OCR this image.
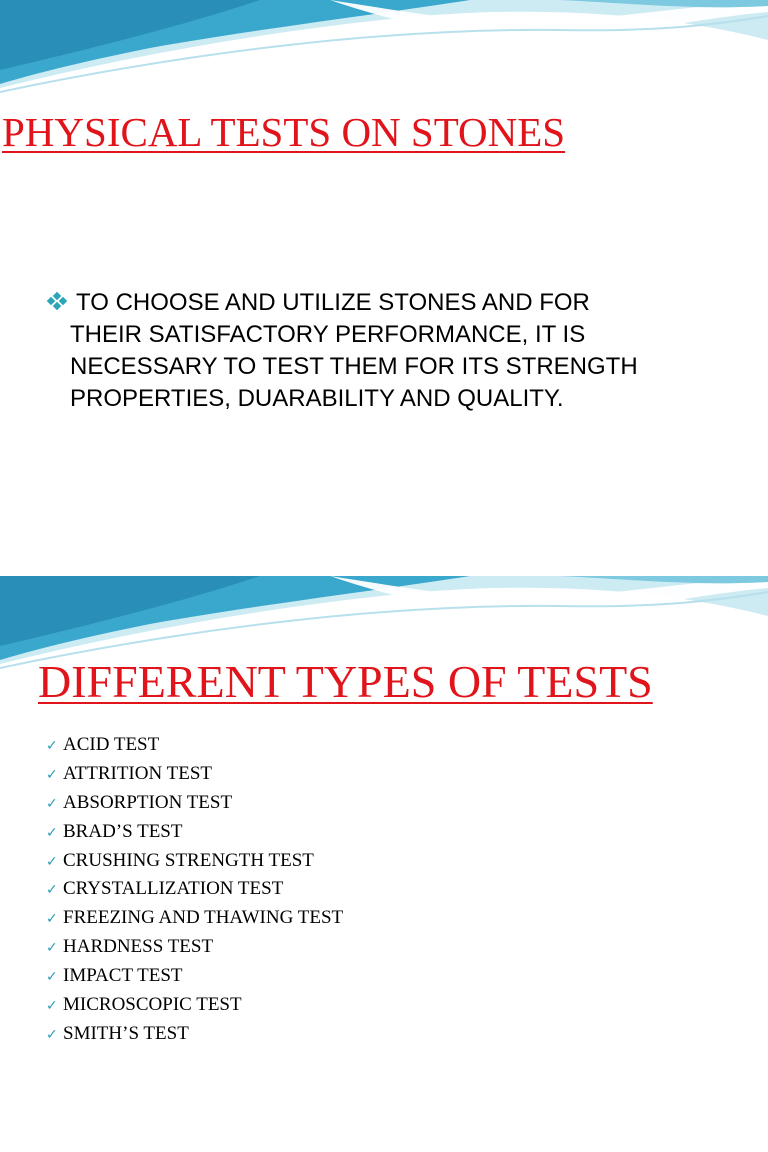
PHYSICAL TESTS ON STONES
TO CHOOSE AND UTILIZE STONES AND FOR
THEIR SATISFACTORY PERFORMANCE, IT IS
NECESSARY TO TEST THEM FOR ITS STRENGTH
PROPERTIES, DUARABILITY AND QUALITY.
DIFFERENT TYPES OF TESTS
✓ ACID TEST
✓ ATTRITION TEST
✓ ABSORPTION TEST
✓ BRAD’S TEST
✓ CRUSHING STRENGTH TEST
✓ CRYSTALLIZATION TEST
✓ FREEZING AND THAWING TEST
✓ HARDNESS TEST
✓ IMPACT TEST
✓ MICROSCOPIC TEST
✓ SMITH’S TEST
